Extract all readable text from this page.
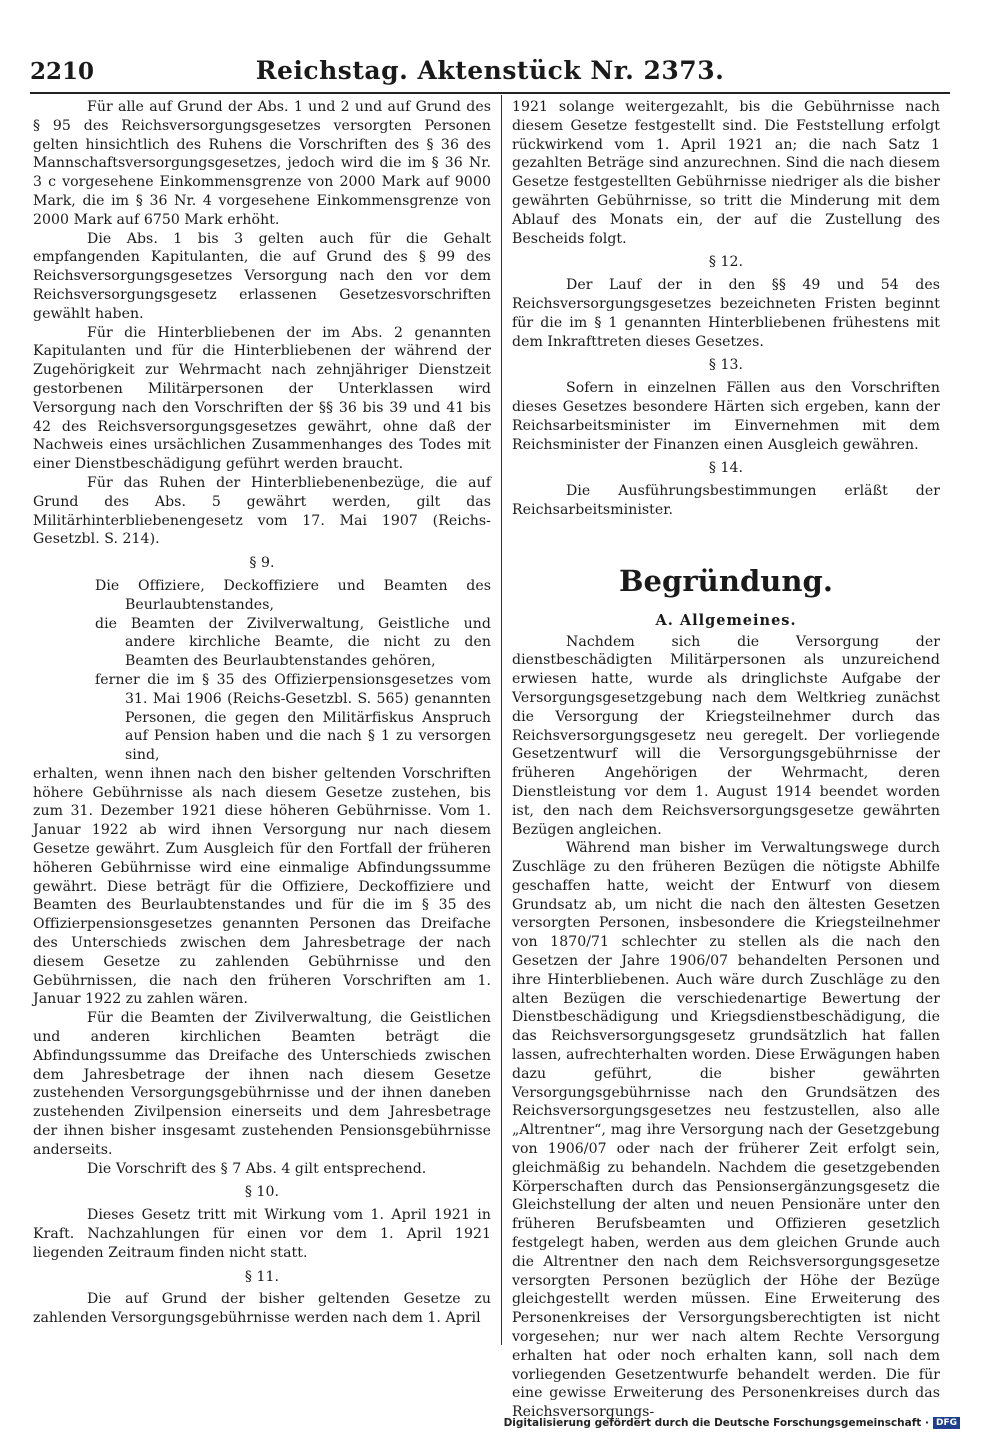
2210	Reichstag. Aktenstück Nr. 2373.

Für alle auf Grund der Abs. 1 und 2 und auf Grund des § 95 des Reichsversorgungsgesetzes versorgten Personen gelten hinsichtlich des Ruhens die Vorschriften des § 36 des Mannschaftsversorgungsgesetzes, jedoch wird die im § 36 Nr. 3 c vorgesehene Einkommensgrenze von 2000 Mark auf 9000 Mark, die im § 36 Nr. 4 vorgesehene Einkommensgrenze von 2000 Mark auf 6750 Mark erhöht.

Die Abs. 1 bis 3 gelten auch für die Gehalt empfangenden Kapitulanten, die auf Grund des § 99 des Reichsversorgungsgesetzes Versorgung nach den vor dem Reichsversorgungsgesetz erlassenen Gesetzesvorschriften gewählt haben.

Für die Hinterbliebenen der im Abs. 2 genannten Kapitulanten und für die Hinterbliebenen der während der Zugehörigkeit zur Wehrmacht nach zehnjähriger Dienstzeit gestorbenen Militärpersonen der Unterklassen wird Versorgung nach den Vorschriften der §§ 36 bis 39 und 41 bis 42 des Reichsversorgungsgesetzes gewährt, ohne daß der Nachweis eines ursächlichen Zusammenhanges des Todes mit einer Dienstbeschädigung geführt werden braucht.

Für das Ruhen der Hinterbliebenenbezüge, die auf Grund des Abs. 5 gewährt werden, gilt das Militärhinterbliebenengesetz vom 17. Mai 1907 (Reichs-Gesetzbl. S. 214).

§ 9.

Die Offiziere, Deckoffiziere und Beamten des Beurlaubtenstandes,

die Beamten der Zivilverwaltung, Geistliche und andere kirchliche Beamte, die nicht zu den Beamten des Beurlaubtenstandes gehören,

ferner die im § 35 des Offizierpensionsgesetzes vom 31. Mai 1906 (Reichs-Gesetzbl. S. 565) genannten Personen, die gegen den Militärfiskus Anspruch auf Pension haben und die nach § 1 zu versorgen sind,

erhalten, wenn ihnen nach den bisher geltenden Vorschriften höhere Gebührnisse als nach diesem Gesetze zustehen, bis zum 31. Dezember 1921 diese höheren Gebührnisse. Vom 1. Januar 1922 ab wird ihnen Versorgung nur nach diesem Gesetze gewährt. Zum Ausgleich für den Fortfall der früheren höheren Gebührnisse wird eine einmalige Abfindungssumme gewährt. Diese beträgt für die Offiziere, Deckoffiziere und Beamten des Beurlaubtenstandes und für die im § 35 des Offizierpensionsgesetzes genannten Personen das Dreifache des Unterschieds zwischen dem Jahresbetrage der nach diesem Gesetze zu zahlenden Gebührnisse und den Gebührnissen, die nach den früheren Vorschriften am 1. Januar 1922 zu zahlen wären.

Für die Beamten der Zivilverwaltung, die Geistlichen und anderen kirchlichen Beamten beträgt die Abfindungssumme das Dreifache des Unterschieds zwischen dem Jahresbetrage der ihnen nach diesem Gesetze zustehenden Versorgungsgebührnisse und der ihnen daneben zustehenden Zivilpension einerseits und dem Jahresbetrage der ihnen bisher insgesamt zustehenden Pensionsgebührnisse anderseits.

Die Vorschrift des § 7 Abs. 4 gilt entsprechend.

§ 10.

Dieses Gesetz tritt mit Wirkung vom 1. April 1921 in Kraft. Nachzahlungen für einen vor dem 1. April 1921 liegenden Zeitraum finden nicht statt.

§ 11.

Die auf Grund der bisher geltenden Gesetze zu zahlenden Versorgungsgebührnisse werden nach dem 1. April

1921 solange weitergezahlt, bis die Gebührnisse nach diesem Gesetze festgestellt sind. Die Feststellung erfolgt rückwirkend vom 1. April 1921 an; die nach Satz 1 gezahlten Beträge sind anzurechnen. Sind die nach diesem Gesetze festgestellten Gebührnisse niedriger als die bisher gewährten Gebührnisse, so tritt die Minderung mit dem Ablauf des Monats ein, der auf die Zustellung des Bescheids folgt.

§ 12.

Der Lauf der in den §§ 49 und 54 des Reichsversorgungsgesetzes bezeichneten Fristen beginnt für die im § 1 genannten Hinterbliebenen frühestens mit dem Inkrafttreten dieses Gesetzes.

§ 13.

Sofern in einzelnen Fällen aus den Vorschriften dieses Gesetzes besondere Härten sich ergeben, kann der Reichsarbeitsminister im Einvernehmen mit dem Reichsminister der Finanzen einen Ausgleich gewähren.

§ 14.

Die Ausführungsbestimmungen erläßt der Reichsarbeitsminister.

Begründung.
A. Allgemeines.

Nachdem sich die Versorgung der dienstbeschädigten Militärpersonen als unzureichend erwiesen hatte, wurde als dringlichste Aufgabe der Versorgungsgesetzgebung nach dem Weltkrieg zunächst die Versorgung der Kriegsteilnehmer durch das Reichsversorgungsgesetz neu geregelt. Der vorliegende Gesetzentwurf will die Versorgungsgebührnisse der früheren Angehörigen der Wehrmacht, deren Dienstleistung vor dem 1. August 1914 beendet worden ist, den nach dem Reichsversorgungsgesetze gewährten Bezügen angleichen.

Während man bisher im Verwaltungswege durch Zuschläge zu den früheren Bezügen die nötigste Abhilfe geschaffen hatte, weicht der Entwurf von diesem Grundsatz ab, um nicht die nach den ältesten Gesetzen versorgten Personen, insbesondere die Kriegsteilnehmer von 1870/71 schlechter zu stellen als die nach den Gesetzen der Jahre 1906/07 behandelten Personen und ihre Hinterbliebenen. Auch wäre durch Zuschläge zu den alten Bezügen die verschiedenartige Bewertung der Dienstbeschädigung und Kriegsdienstbeschädigung, die das Reichsversorgungsgesetz grundsätzlich hat fallen lassen, aufrechterhalten worden. Diese Erwägungen haben dazu geführt, die bisher gewährten Versorgungsgebührnisse nach den Grundsätzen des Reichsversorgungsgesetzes neu festzustellen, also alle „Altrentner“, mag ihre Versorgung nach der Gesetzgebung von 1906/07 oder nach der früherer Zeit erfolgt sein, gleichmäßig zu behandeln. Nachdem die gesetzgebenden Körperschaften durch das Pensionsergänzungsgesetz die Gleichstellung der alten und neuen Pensionäre unter den früheren Berufsbeamten und Offizieren gesetzlich festgelegt haben, werden aus dem gleichen Grunde auch die Altrentner den nach dem Reichsversorgungsgesetze versorgten Personen bezüglich der Höhe der Bezüge gleichgestellt werden müssen. Eine Erweiterung des Personenkreises der Versorgungsberechtigten ist nicht vorgesehen; nur wer nach altem Rechte Versorgung erhalten hat oder noch erhalten kann, soll nach dem vorliegenden Gesetzentwurfe behandelt werden. Die für eine gewisse Erweiterung des Personenkreises durch das Reichsversorgungs-

Digitalisierung gefördert durch die Deutsche Forschungsgemeinschaft · DFG
